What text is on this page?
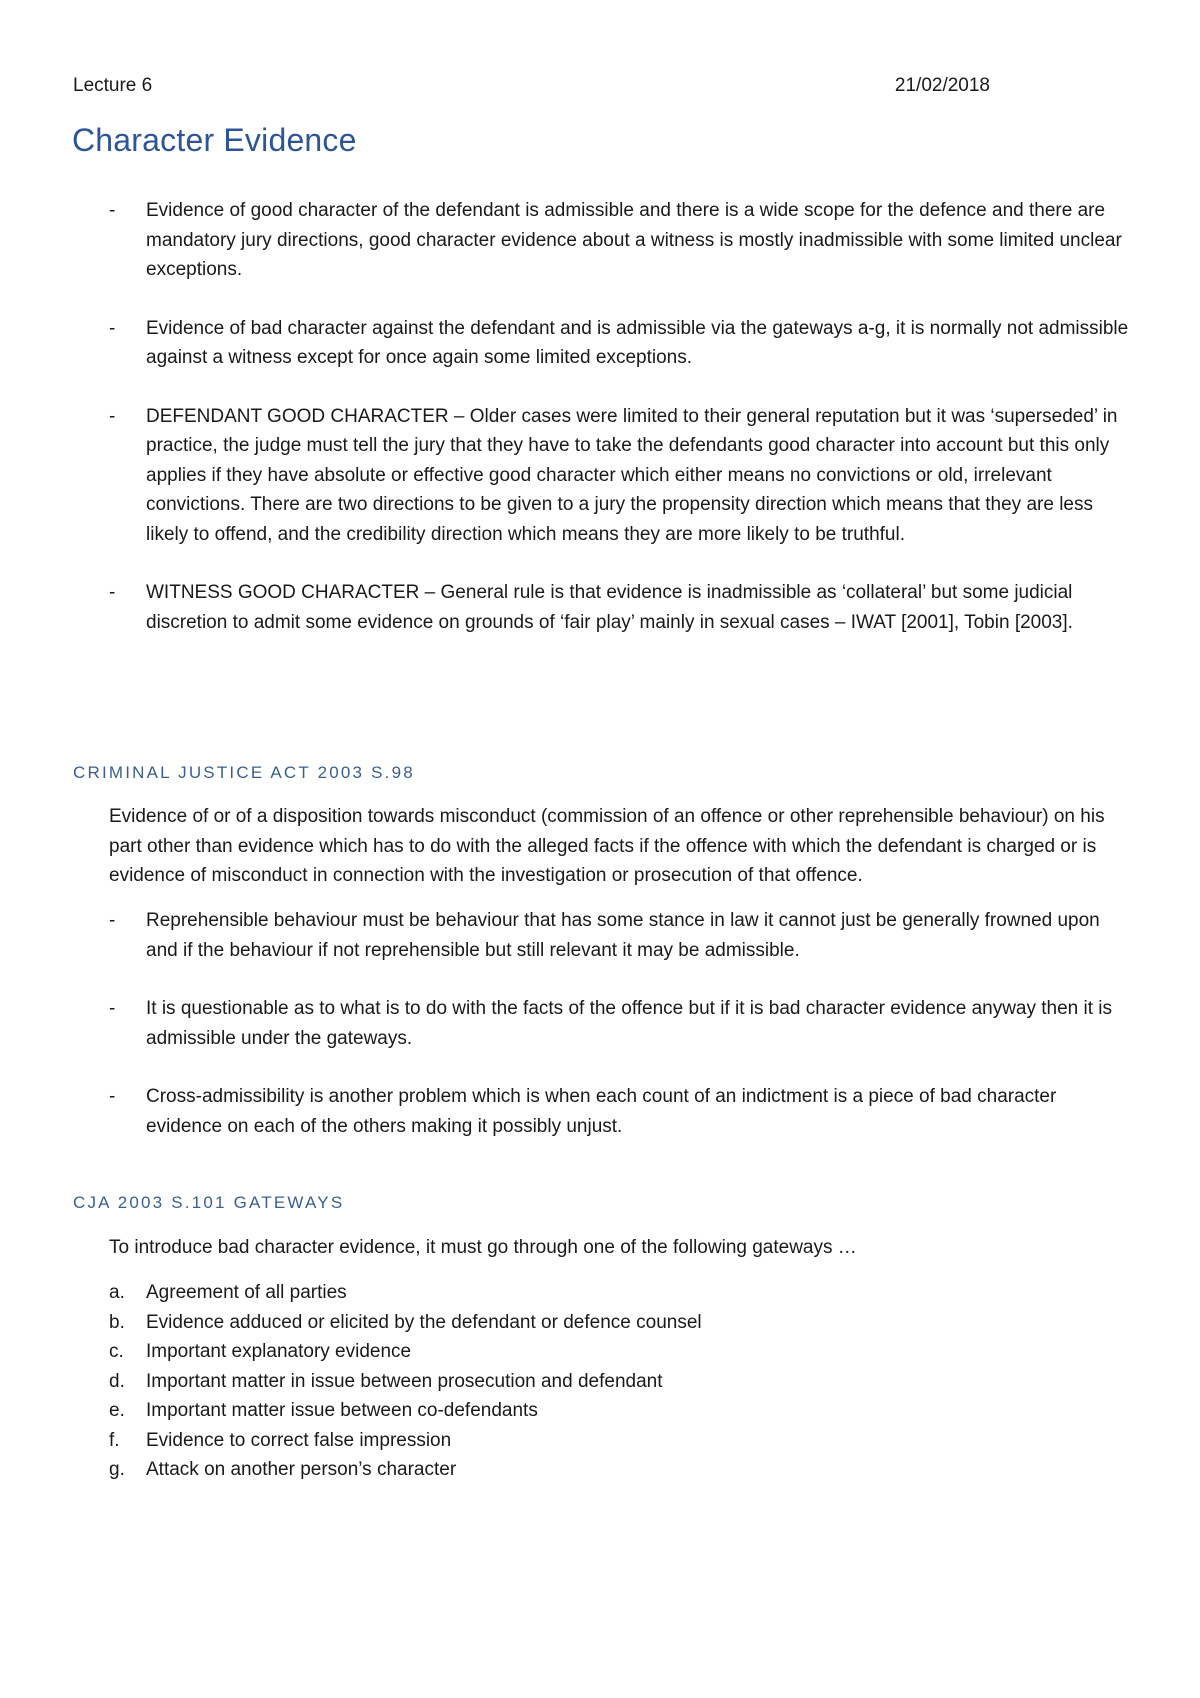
Lecture 6	21/02/2018
Character Evidence
- Evidence of good character of the defendant is admissible and there is a wide scope for the defence and there are mandatory jury directions, good character evidence about a witness is mostly inadmissible with some limited unclear exceptions.
- Evidence of bad character against the defendant and is admissible via the gateways a-g, it is normally not admissible against a witness except for once again some limited exceptions.
- DEFENDANT GOOD CHARACTER – Older cases were limited to their general reputation but it was ‘superseded’ in practice, the judge must tell the jury that they have to take the defendants good character into account but this only applies if they have absolute or effective good character which either means no convictions or old, irrelevant convictions. There are two directions to be given to a jury the propensity direction which means that they are less likely to offend, and the credibility direction which means they are more likely to be truthful.
- WITNESS GOOD CHARACTER – General rule is that evidence is inadmissible as ‘collateral’ but some judicial discretion to admit some evidence on grounds of ‘fair play’ mainly in sexual cases – IWAT [2001], Tobin [2003].
CRIMINAL JUSTICE ACT 2003 S.98

Evidence of or of a disposition towards misconduct (commission of an offence or other reprehensible behaviour) on his part other than evidence which has to do with the alleged facts if the offence with which the defendant is charged or is evidence of misconduct in connection with the investigation or prosecution of that offence.

- Reprehensible behaviour must be behaviour that has some stance in law it cannot just be generally frowned upon and if the behaviour if not reprehensible but still relevant it may be admissible.
- It is questionable as to what is to do with the facts of the offence but if it is bad character evidence anyway then it is admissible under the gateways.
- Cross-admissibility is another problem which is when each count of an indictment is a piece of bad character evidence on each of the others making it possibly unjust.
CJA 2003 S.101 GATEWAYS

To introduce bad character evidence, it must go through one of the following gateways …

a. Agreement of all parties
b. Evidence adduced or elicited by the defendant or defence counsel
c. Important explanatory evidence
d. Important matter in issue between prosecution and defendant
e. Important matter issue between co-defendants
f. Evidence to correct false impression
g. Attack on another person’s character
